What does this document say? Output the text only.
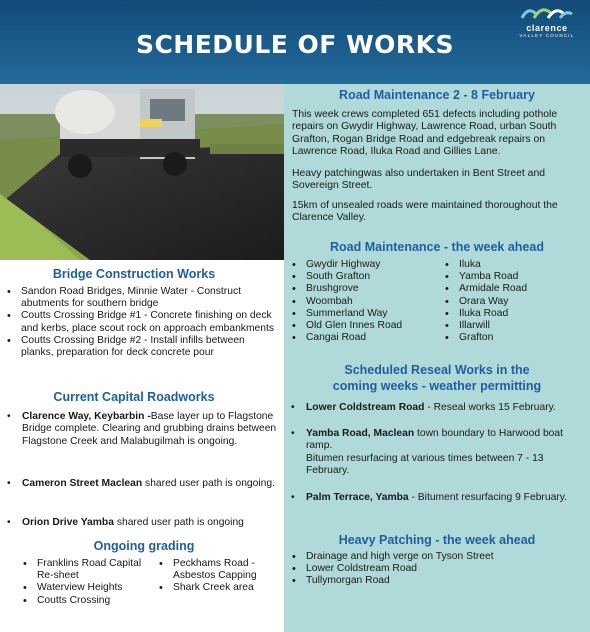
SCHEDULE OF WORKS
clarence
VALLEY COUNCIL
Road Maintenance 2 - 8 February
This week crews completed 651 defects including pothole repairs on Gwydir Highway, Lawrence Road, urban South Grafton, Rogan Bridge Road and edgebreak repairs on Lawrence Road, Iluka Road and Gillies Lane.
Heavy patchingwas also undertaken in Bent Street and Sovereign Street.
15km of unsealed roads were maintained thoroughout the Clarence Valley.
Road Maintenance - the week ahead
• Gwydir Highway
• South Grafton
• Brushgrove
• Woombah
• Summerland Way
• Old Glen Innes Road
• Cangai Road
• Iluka
• Yamba Road
• Armidale Road
• Orara Way
• Iluka Road
• Illarwill
• Grafton
Scheduled Reseal Works in the
coming weeks - weather permitting
• Lower Coldstream Road - Reseal works 15 February.
• Yamba Road, Maclean town boundary to Harwood boat ramp.
Bitumen resurfacing at various times between 7 - 13 February.
• Palm Terrace, Yamba - Bitument resurfacing 9 February.
Heavy Patching - the week ahead
• Drainage and high verge on Tyson Street
• Lower Coldstream Road
• Tullymorgan Road
Bridge Construction Works
• Sandon Road Bridges, Minnie Water - Construct abutments for southern bridge
• Coutts Crossing Bridge #1 - Concrete finishing on deck and kerbs, place scout rock on approach embankments
• Coutts Crossing Bridge #2 - Install infills between planks, preparation for deck concrete pour
Current Capital Roadworks
• Clarence Way, Keybarbin -Base layer up to Flagstone Bridge complete. Clearing and grubbing drains between Flagstone Creek and Malabugilmah is ongoing.
• Cameron Street Maclean shared user path is ongoing.
• Orion Drive Yamba shared user path is ongoing
Ongoing grading
• Franklins Road Capital Re-sheet
• Waterview Heights
• Coutts Crossing
• Peckhams Road - Asbestos Capping
• Shark Creek area
